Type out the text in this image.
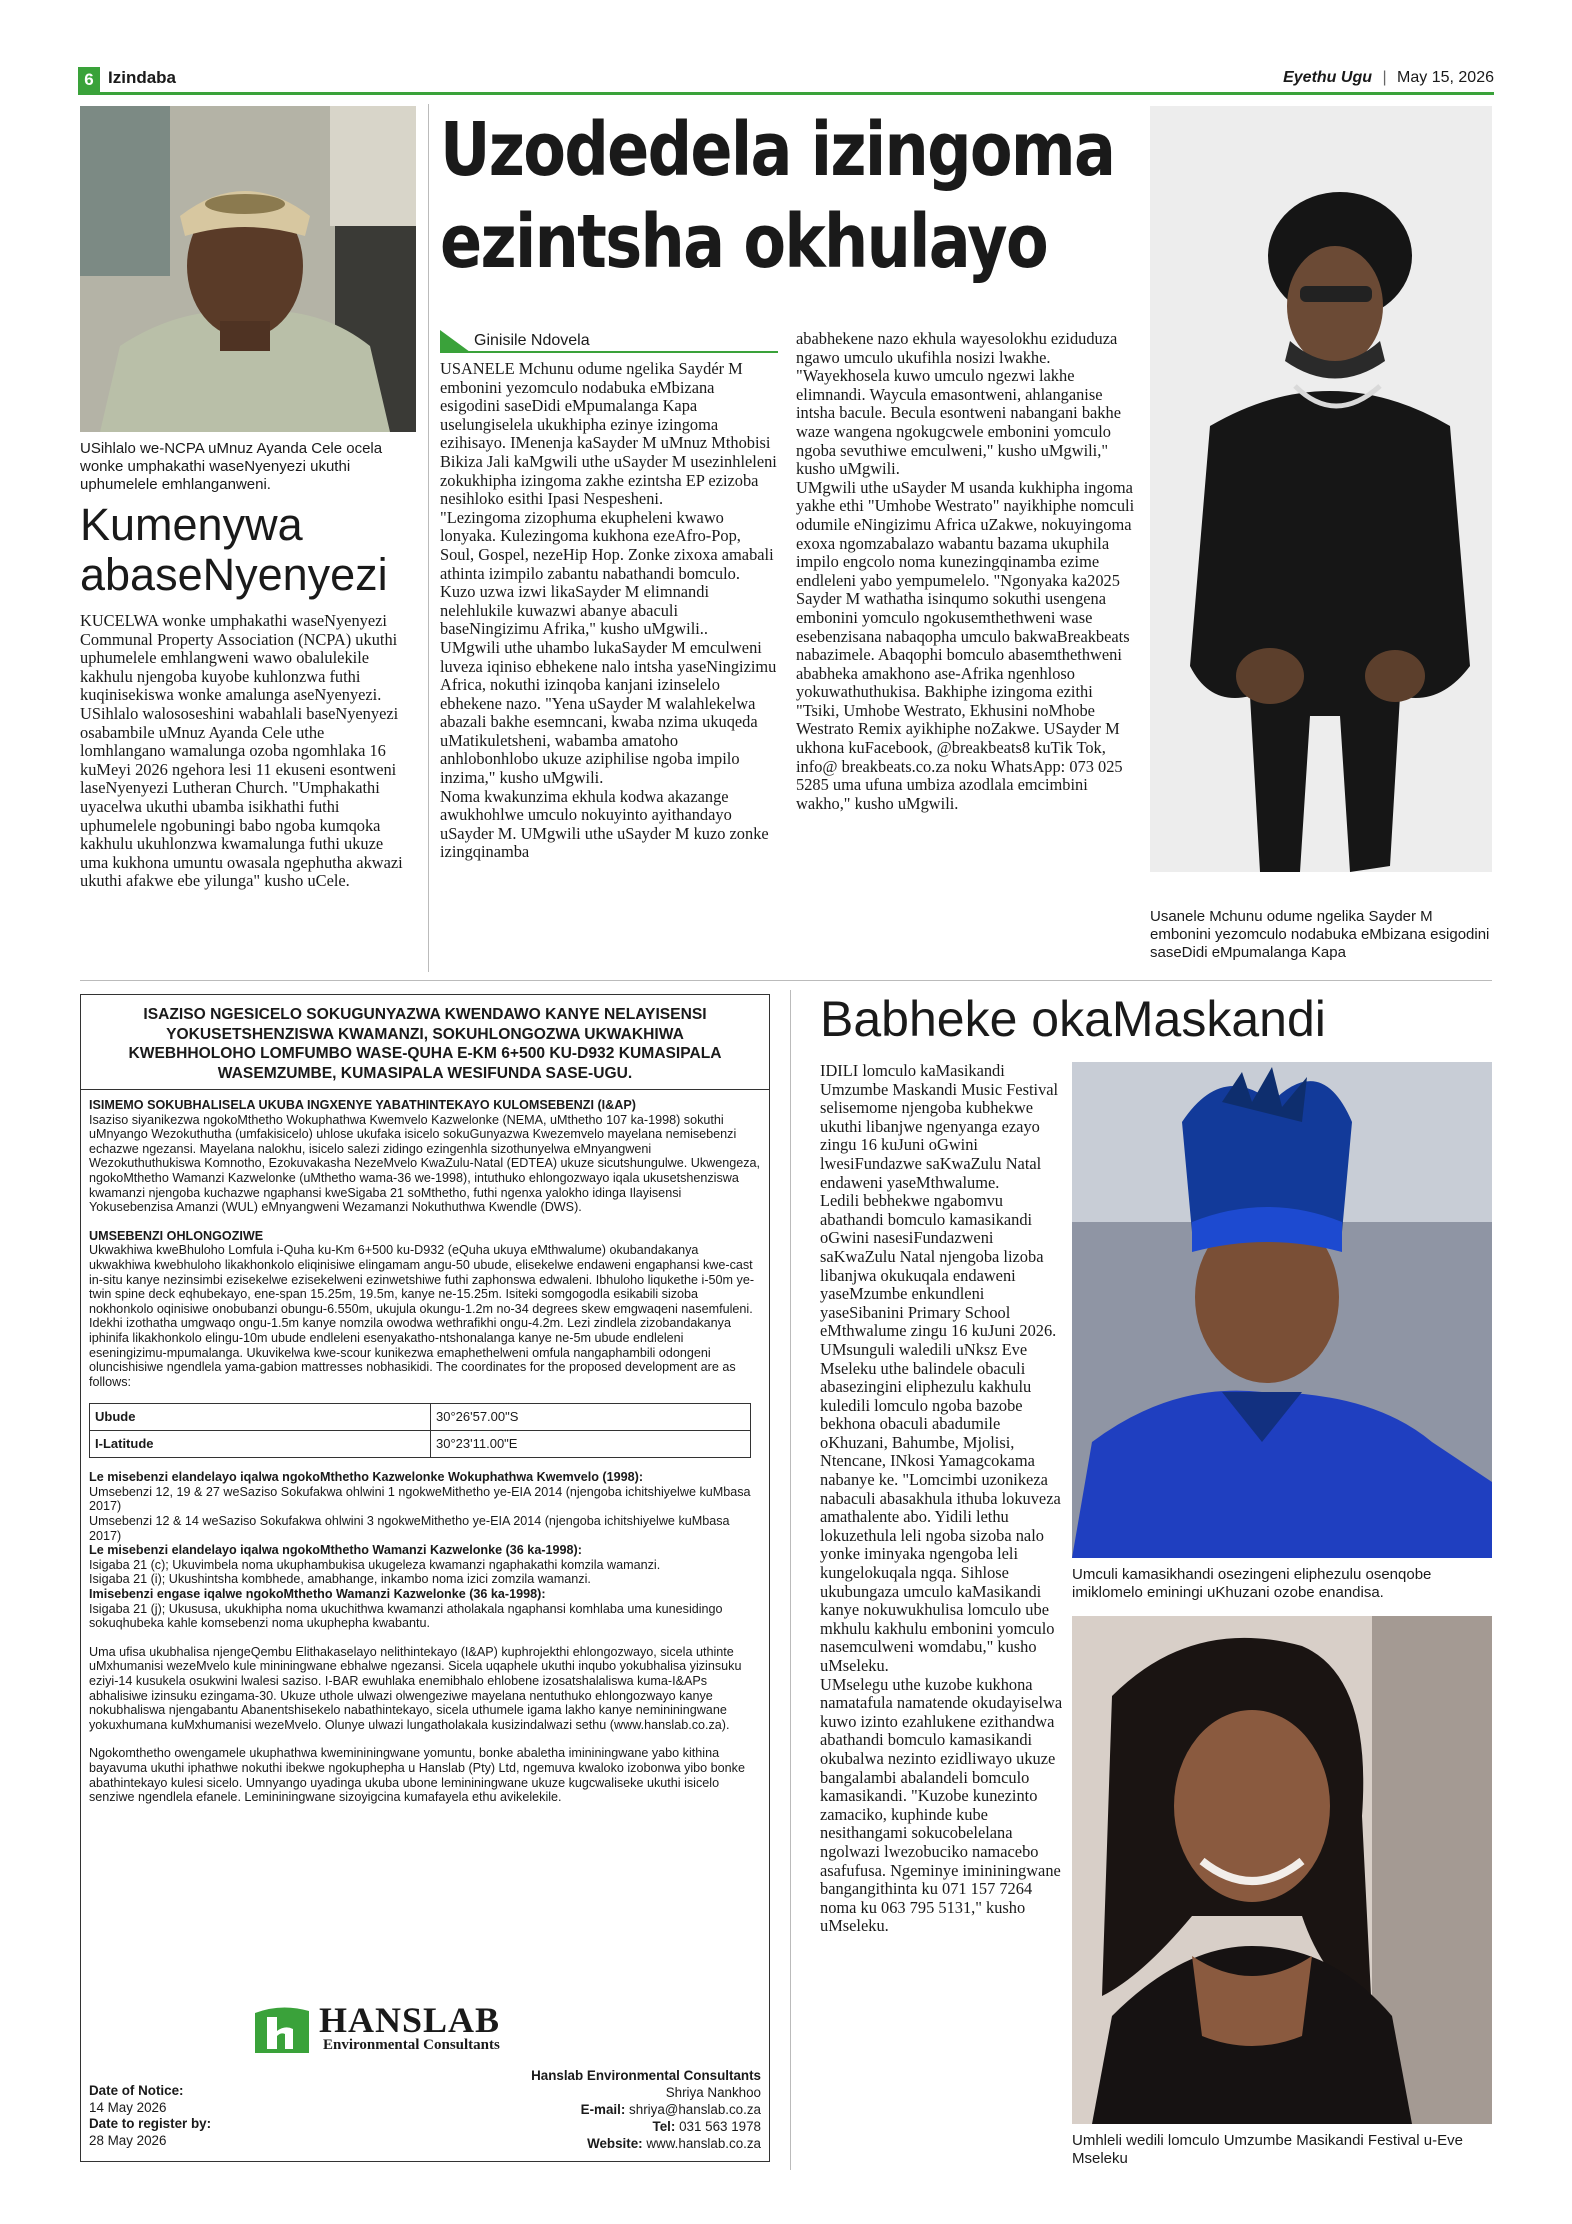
6 Izindaba	Eyethu Ugu | May 15, 2026
USihlalo we-NCPA uMnuz Ayanda Cele ocela wonke umphakathi waseNyenyezi ukuthi uphumelele emhlanganweni.
Kumenywa abaseNyenyezi
KUCELWA wonke umphakathi waseNyenyezi Communal Property Association (NCPA) ukuthi uphumelele emhlangweni wawo obalulekile kakhulu njengoba kuyobe kuhlonzwa futhi kuqinisekiswa wonke amalunga aseNyenyezi.
USihlalo walososeshini wabahlali baseNyenyezi osabambile uMnuz Ayanda Cele uthe lomhlangano wamalunga ozoba ngomhlaka 16 kuMeyi 2026 ngehora lesi 11 ekuseni esontweni laseNyenyezi Lutheran Church. "Umphakathi uyacelwa ukuthi ubamba isikhathi futhi uphumelele ngobuningi babo ngoba kumqoka kakhulu ukuhlonzwa kwamalunga futhi ukuze uma kukhona umuntu owasala ngephutha akwazi ukuthi afakwe ebe yilunga" kusho uCele.
Uzodedela izingoma
ezintsha okhulayo
Ginisile Ndovela
USANELE Mchunu odume ngelika Saydér M embonini yezomculo nodabuka eMbizana esigodini saseDidi eMpumalanga Kapa uselungiselela ukukhipha ezinye izingoma ezihisayo. IMenenja kaSayder M uMnuz Mthobisi Bikiza Jali kaMgwili uthe uSayder M usezinhleleni zokukhipha izingoma zakhe ezintsha EP ezizoba nesihloko esithi Ipasi Nespesheni.
"Lezingoma zizophuma ekupheleni kwawo lonyaka. Kulezingoma kukhona ezeAfro-Pop, Soul, Gospel, nezeHip Hop. Zonke zixoxa amabali athinta izimpilo zabantu nabathandi bomculo. Kuzo uzwa izwi likaSayder M elimnandi nelehlukile kuwazwi abanye abaculi baseNingizimu Afrika," kusho uMgwili..
UMgwili uthe uhambo lukaSayder M emculweni luveza iqiniso ebhekene nalo intsha yaseNingizimu Africa, nokuthi izinqoba kanjani izinselelo ebhekene nazo. "Yena uSayder M walahlekelwa abazali bakhe esemncani, kwaba nzima ukuqeda uMatikuletsheni, wabamba amatoho anhlobonhlobo ukuze aziphilise ngoba impilo inzima," kusho uMgwili.
Noma kwakunzima ekhula kodwa akazange awukhohlwe umculo nokuyinto ayithandayo uSayder M. UMgwili uthe uSayder M kuzo zonke izingqinamba
ababhekene nazo ekhula wayesolokhu eziduduza ngawo umculo ukufihla nosizi lwakhe.
"Wayekhosela kuwo umculo ngezwi lakhe elimnandi. Waycula emasontweni, ahlanganise intsha bacule. Becula esontweni nabangani bakhe waze wangena ngokugcwele embonini yomculo ngoba sevuthiwe emculweni," kusho uMgwili," kusho uMgwili.
UMgwili uthe uSayder M usanda kukhipha ingoma yakhe ethi "Umhobe Westrato" nayikhiphe nomculi odumile eNingizimu Africa uZakwe, nokuyingoma exoxa ngomzabalazo wabantu bazama ukuphila impilo engcolo noma kunezingqinamba ezime endleleni yabo yempumelelo. "Ngonyaka ka2025 Sayder M wathatha isinqumo sokuthi usengena embonini yomculo ngokusemthethweni wase esebenzisana nabaqopha umculo bakwaBreakbeats nabazimele. Abaqophi bomculo abasemthethweni ababheka amakhono ase-Afrika ngenhloso yokuwathuthukisa. Bakhiphe izingoma ezithi "Tsiki, Umhobe Westrato, Ekhusini noMhobe Westrato Remix ayikhiphe noZakwe. USayder M ukhona kuFacebook, @breakbeats8 kuTik Tok, info@ breakbeats.co.za noku WhatsApp: 073 025 5285 uma ufuna umbiza azodlala emcimbini wakho," kusho uMgwili.
Usanele Mchunu odume ngelika Sayder M embonini yezomculo nodabuka eMbizana esigodini saseDidi eMpumalanga Kapa
ISAZISO NGESICELO SOKUGUNYAZWA KWENDAWO KANYE NELAYISENSI YOKUSETSHENZISWA KWAMANZI, SOKUHLONGOZWA UKWAKHIWA KWEBHHOLOHO LOMFUMBO WASE-QUHA E-KM 6+500 KU-D932 KUMASIPALA WASEMZUMBE, KUMASIPALA WESIFUNDA SASE-UGU.

ISIMEMO SOKUBHALISELA UKUBA INGXENYE YABATHINTEKAYO KULOMSEBENZI (I&AP)

Isaziso siyanikezwa ngokoMthetho Wokuphathwa Kwemvelo Kazwelonke (NEMA, uMthetho 107 ka-1998) sokuthi uMnyango Wezokuthutha (umfakisicelo) uhlose ukufaka isicelo sokuGunyazwa Kwezemvelo mayelana nemisebenzi echazwe ngezansi. Mayelana nalokhu, isicelo salezi zidingo ezingenhla sizothunyelwa eMnyangweni Wezokuthuthukiswa Komnotho, Ezokuvakasha NezeMvelo KwaZulu-Natal (EDTEA) ukuze sicutshungulwe. Ukwengeza, ngokoMthetho Wamanzi Kazwelonke (uMthetho wama-36 we-1998), intuthuko ehlongozwayo iqala ukusetshenziswa kwamanzi njengoba kuchazwe ngaphansi kweSigaba 21 soMthetho, futhi ngenxa yalokho idinga Ilayisensi Yokusebenzisa Amanzi (WUL) eMnyangweni Wezamanzi Nokuthuthwa Kwendle (DWS).

UMSEBENZI OHLONGOZIWE

Ukwakhiwa kweBhuloho Lomfula i-Quha ku-Km 6+500 ku-D932 (eQuha ukuya eMthwalume) okubandakanya ukwakhiwa kwebhuloho likakhonkolo eliqinisiwe elingamam angu-50 ubude, elisekelwe endaweni engaphansi kwe-cast in-situ kanye nezinsimbi ezisekelwe ezisekelweni ezinwetshiwe futhi zaphonswa edwaleni. Ibhuloho liqukethe i-50m ye-twin spine deck eqhubekayo, ene-span 15.25m, 19.5m, kanye ne-15.25m. Isiteki somgogodla esikabili sizoba nokhonkolo oqinisiwe onobubanzi obungu-6.550m, ukujula okungu-1.2m no-34 degrees skew emgwaqeni nasemfuleni. Idekhi izothatha umgwaqo ongu-1.5m kanye nomzila owodwa wethrafikhi ongu-4.2m. Lezi zindlela zizobandakanya iphinifa likakhonkolo elingu-10m ubude endleleni esenyakatho-ntshonalanga kanye ne-5m ubude endleleni eseningizimu-mpumalanga. Ukuvikelwa kwe-scour kunikezwa emaphethelweni omfula nangaphambili odongeni oluncishisiwe ngendlela yama-gabion mattresses nobhasikidi. The coordinates for the proposed development are as follows:

Ubude	30°26'57.00"S
I-Latitude	30°23'11.00"E

Le misebenzi elandelayo iqalwa ngokoMthetho Kazwelonke Wokuphathwa Kwemvelo (1998):

Umsebenzi 12, 19 & 27 weSaziso Sokufakwa ohlwini 1 ngokweMithetho ye-EIA 2014 (njengoba ichitshiyelwe kuMbasa 2017)
Umsebenzi 12 & 14 weSaziso Sokufakwa ohlwini 3 ngokweMithetho ye-EIA 2014 (njengoba ichitshiyelwe kuMbasa 2017)

Le misebenzi elandelayo iqalwa ngokoMthetho Wamanzi Kazwelonke (36 ka-1998):

Isigaba 21 (c); Ukuvimbela noma ukuphambukisa ukugeleza kwamanzi ngaphakathi komzila wamanzi.
Isigaba 21 (i); Ukushintsha kombhede, amabhange, inkambo noma izici zomzila wamanzi.

Imisebenzi engase iqalwe ngokoMthetho Wamanzi Kazwelonke (36 ka-1998):

Isigaba 21 (j); Ukususa, ukukhipha noma ukuchithwa kwamanzi atholakala ngaphansi komhlaba uma kunesidingo sokuqhubeka kahle komsebenzi noma ukuphepha kwabantu.

Uma ufisa ukubhalisa njengeQembu Elithakaselayo nelithintekayo (I&AP) kuphrojekthi ehlongozwayo, sicela uthinte uMxhumanisi wezeMvelo kule mininingwane ebhalwe ngezansi. Sicela uqaphele ukuthi inqubo yokubhalisa yizinsuku eziyi-14 kusukela osukwini lwalesi saziso. I-BAR ewuhlaka enemibhalo ehlobene izosatshalaliswa kuma-I&APs abhalisiwe izinsuku ezingama-30. Ukuze uthole ulwazi olwengeziwe mayelana nentuthuko ehlongozwayo kanye nokubhaliswa njengabantu Abanentshisekelo nabathintekayo, sicela uthumele igama lakho kanye nemininingwane yokuxhumana kuMxhumanisi wezeMvelo. Olunye ulwazi lungatholakala kusizindalwazi sethu (www.hanslab.co.za).

Ngokomthetho owengamele ukuphathwa kwemininingwane yomuntu, bonke abaletha imininingwane yabo kithina bayavuma ukuthi iphathwe nokuthi ibekwe ngokuphepha u Hanslab (Pty) Ltd, ngemuva kwaloko izobonwa yibo bonke abathintekayo kulesi sicelo. Umnyango uyadinga ukuba ubone lemininingwane ukuze kugcwaliseke ukuthi isicelo senziwe ngendlela efanele. Lemininingwane sizoyigcina kumafayela ethu avikelekile.

HANSLAB
Environmental Consultants
Date of Notice:
14 May 2026
Date to register by:
28 May 2026
Hanslab Environmental Consultants
Shriya Nankhoo
E-mail: shriya@hanslab.co.za
Tel: 031 563 1978
Website: www.hanslab.co.za
Babheke okaMaskandi
IDILI lomculo kaMasikandi Umzumbe Maskandi Music Festival selisemome njengoba kubhekwe ukuthi libanjwe ngenyanga ezayo zingu 16 kuJuni oGwini lwesiFundazwe saKwaZulu Natal endaweni yaseMthwalume.
Ledili bebhekwe ngabomvu abathandi bomculo kamasikandi oGwini nasesiFundazweni saKwaZulu Natal njengoba lizoba libanjwa okukuqala endaweni yaseMzumbe enkundleni yaseSibanini Primary School eMthwalume zingu 16 kuJuni 2026. UMsunguli waledili uNksz Eve Mseleku uthe balindele obaculi abasezingini eliphezulu kakhulu kuledili lomculo ngoba bazobe bekhona obaculi abadumile oKhuzani, Bahumbe, Mjolisi, Ntencane, INkosi Yamagcokama nabanye ke. "Lomcimbi uzonikeza nabaculi abasakhula ithuba lokuveza amathalente abo. Yidili lethu lokuzethula leli ngoba sizoba nalo yonke iminyaka ngengoba leli kungelokuqala ngqa. Sihlose ukubungaza umculo kaMasikandi kanye nokuwukhulisa lomculo ube mkhulu kakhulu embonini yomculo nasemculweni womdabu," kusho uMseleku.
UMselegu uthe kuzobe kukhona namatafula namatende okudayiselwa kuwo izinto ezahlukene ezithandwa abathandi bomculo kamasikandi okubalwa nezinto ezidliwayo ukuze bangalambi abalandeli bomculo kamasikandi. "Kuzobe kunezinto zamaciko, kuphinde kube nesithangami sokucobelelana ngolwazi lwezobuciko namacebo asafufusa. Ngeminye imininingwane bangangithinta ku 071 157 7264 noma ku 063 795 5131," kusho uMseleku.
Umculi kamasikhandi osezingeni eliphezulu osenqobe imiklomelo eminingi uKhuzani ozobe enandisa.
Umhleli wedili lomculo Umzumbe Masikandi Festival u-Eve Mseleku
